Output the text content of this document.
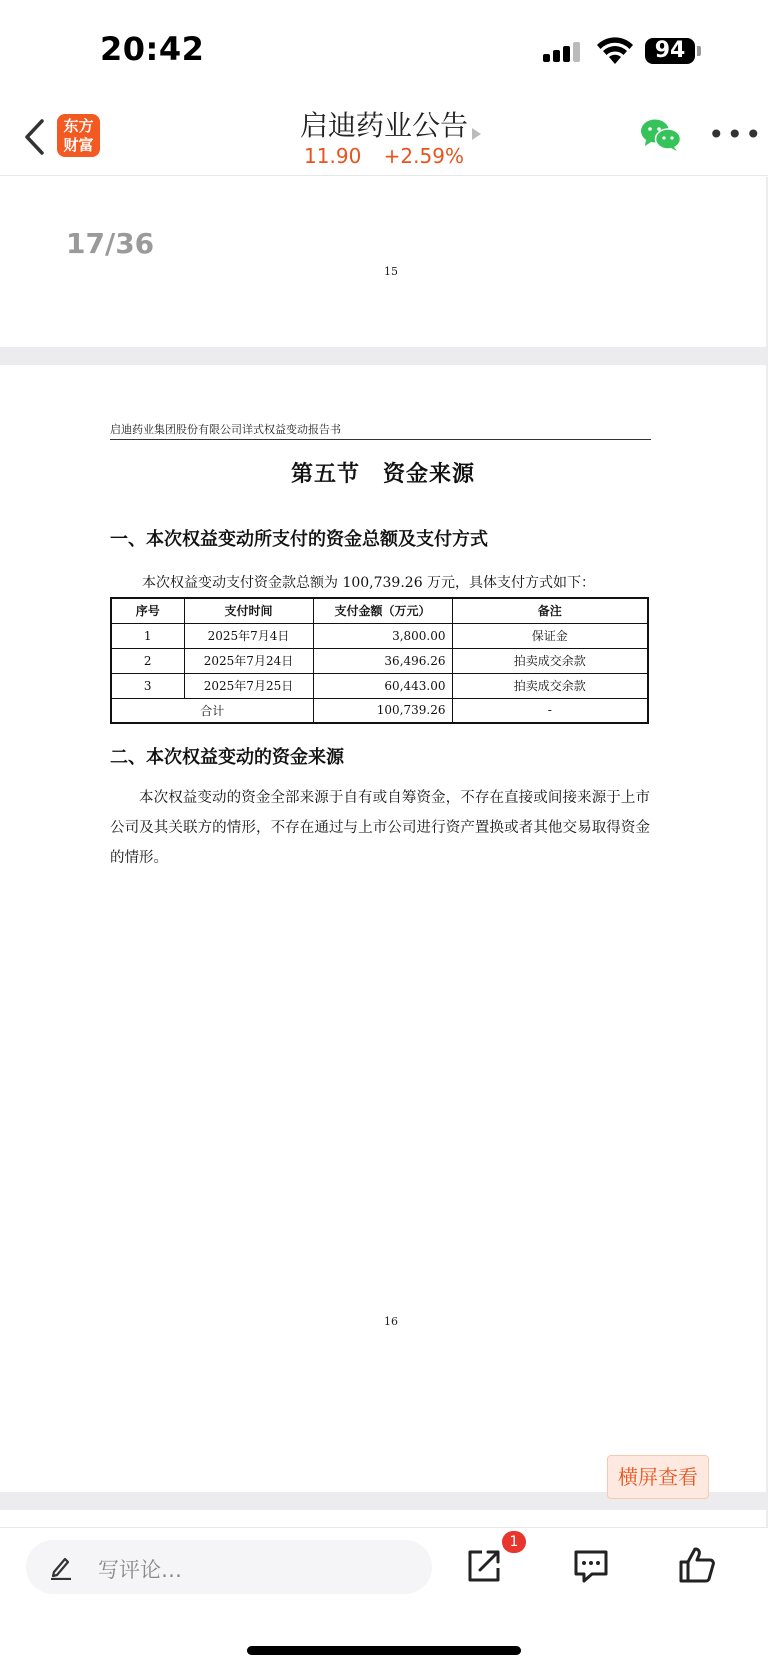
20:42	94
东方
财富
启迪药业公告
11.90 +2.59%
•••
17/36
15
启迪药业集团股份有限公司详式权益变动报告书
第五节　资金来源
一、本次权益变动所支付的资金总额及支付方式
本次权益变动支付资金款总额为 100,739.26 万元，具体支付方式如下：
序号	支付时间	支付金额（万元）	备注
1	2025年7月4日	3,800.00	保证金
2	2025年7月24日	36,496.26	拍卖成交余款
3	2025年7月25日	60,443.00	拍卖成交余款
合计		100,739.26	-
二、本次权益变动的资金来源
本次权益变动的资金全部来源于自有或自筹资金，不存在直接或间接来源于上市公司及其关联方的情形，不存在通过与上市公司进行资产置换或者其他交易取得资金的情形。
16
横屏查看
写评论…
1
